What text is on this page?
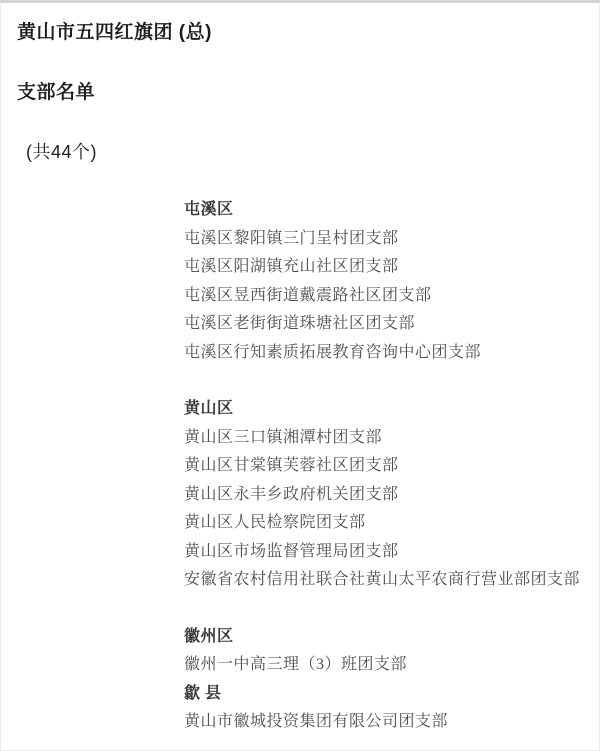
黄山市五四红旗团 (总)
支部名单

(共44个)

屯溪区
屯溪区黎阳镇三门呈村团支部
屯溪区阳湖镇充山社区团支部
屯溪区昱西街道戴震路社区团支部
屯溪区老街街道珠塘社区团支部
屯溪区行知素质拓展教育咨询中心团支部
黄山区
黄山区三口镇湘潭村团支部
黄山区甘棠镇芙蓉社区团支部
黄山区永丰乡政府机关团支部
黄山区人民检察院团支部
黄山区市场监督管理局团支部
安徽省农村信用社联合社黄山太平农商行营业部团支部
徽州区
徽州一中高三理（3）班团支部
歙 县
黄山市徽城投资集团有限公司团支部
